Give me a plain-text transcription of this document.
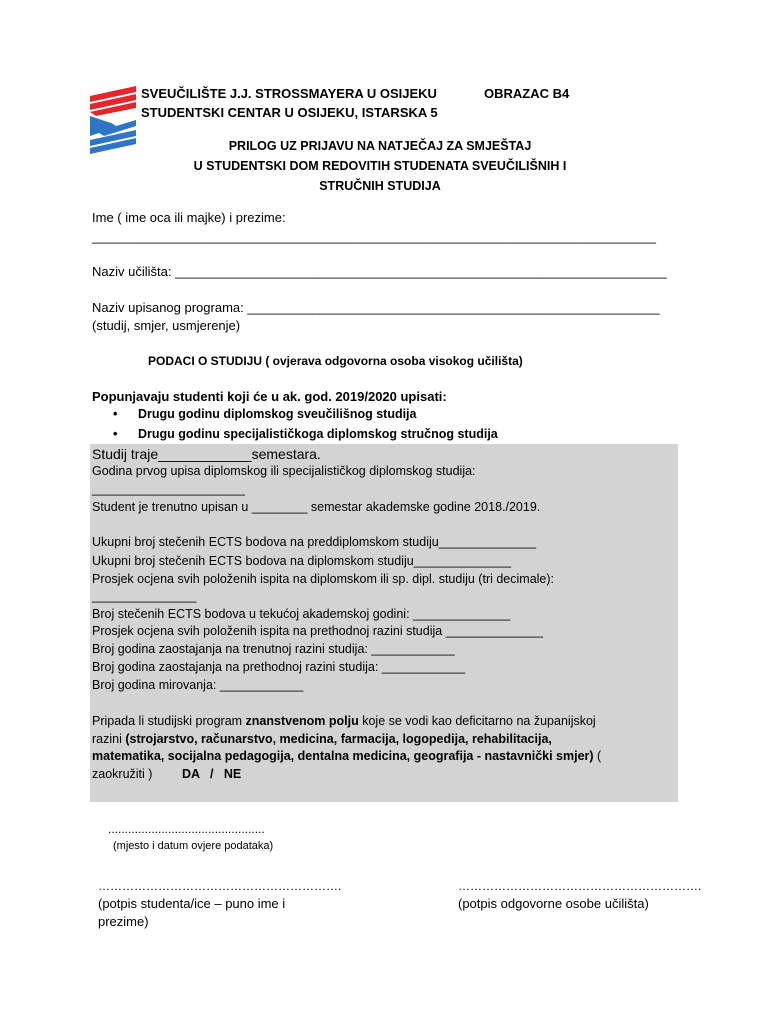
SVEUČILIŠTE J.J. STROSSMAYERA U OSIJEKU
STUDENTSKI CENTAR U OSIJEKU, ISTARSKA 5
OBRAZAC B4
PRILOG UZ PRIJAVU NA NATJEČAJ ZA SMJEŠTAJ
U STUDENTSKI DOM REDOVITIH STUDENATA SVEUČILIŠNIH I
STRUČNIH STUDIJA
Ime ( ime oca ili majke) i prezime:
______________________________________________________________________________
Naziv učilišta: ____________________________________________________________________
Naziv upisanog programa: _________________________________________________________
(studij, smjer, usmjerenje)
PODACI O STUDIJU ( ovjerava odgovorna osoba visokog učilišta)
Popunjavaju studenti koji će u ak. god. 2019/2020 upisati:
• Drugu godinu diplomskog sveučilišnog studija
• Drugu godinu specijalističkoga diplomskog stručnog studija
Studij traje____________semestara.
Godina prvog upisa diplomskog ili specijalističkog diplomskog studija:
______________________
Student je trenutno upisan u ________ semestar akademske godine 2018./2019.
Ukupni broj stečenih ECTS bodova na preddiplomskom studiju______________
Ukupni broj stečenih ECTS bodova na diplomskom studiju______________
Prosjek ocjena svih položenih ispita na diplomskom ili sp. dipl. studiju (tri decimale):
_______________
Broj stečenih ECTS bodova u tekućoj akademskoj godini: ______________
Prosjek ocjena svih položenih ispita na prethodnoj razini studija ______________
Broj godina zaostajanja na trenutnoj razini studija: ____________
Broj godina zaostajanja na prethodnoj razini studija: ____________
Broj godina mirovanja: ____________
Pripada li studijski program znanstvenom polju koje se vodi kao deficitarno na županijskoj
razini (strojarstvo, računarstvo, medicina, farmacija, logopedija, rehabilitacija,
matematika, socijalna pedagogija, dentalna medicina, geografija - nastavnički smjer) (
zaokružiti ) DA   /   NE
...............................................
(mjesto i datum ovjere podataka)
…………………………………………………….
(potpis studenta/ice – puno ime i
prezime)
…………………………………………………….
(potpis odgovorne osobe učilišta)
